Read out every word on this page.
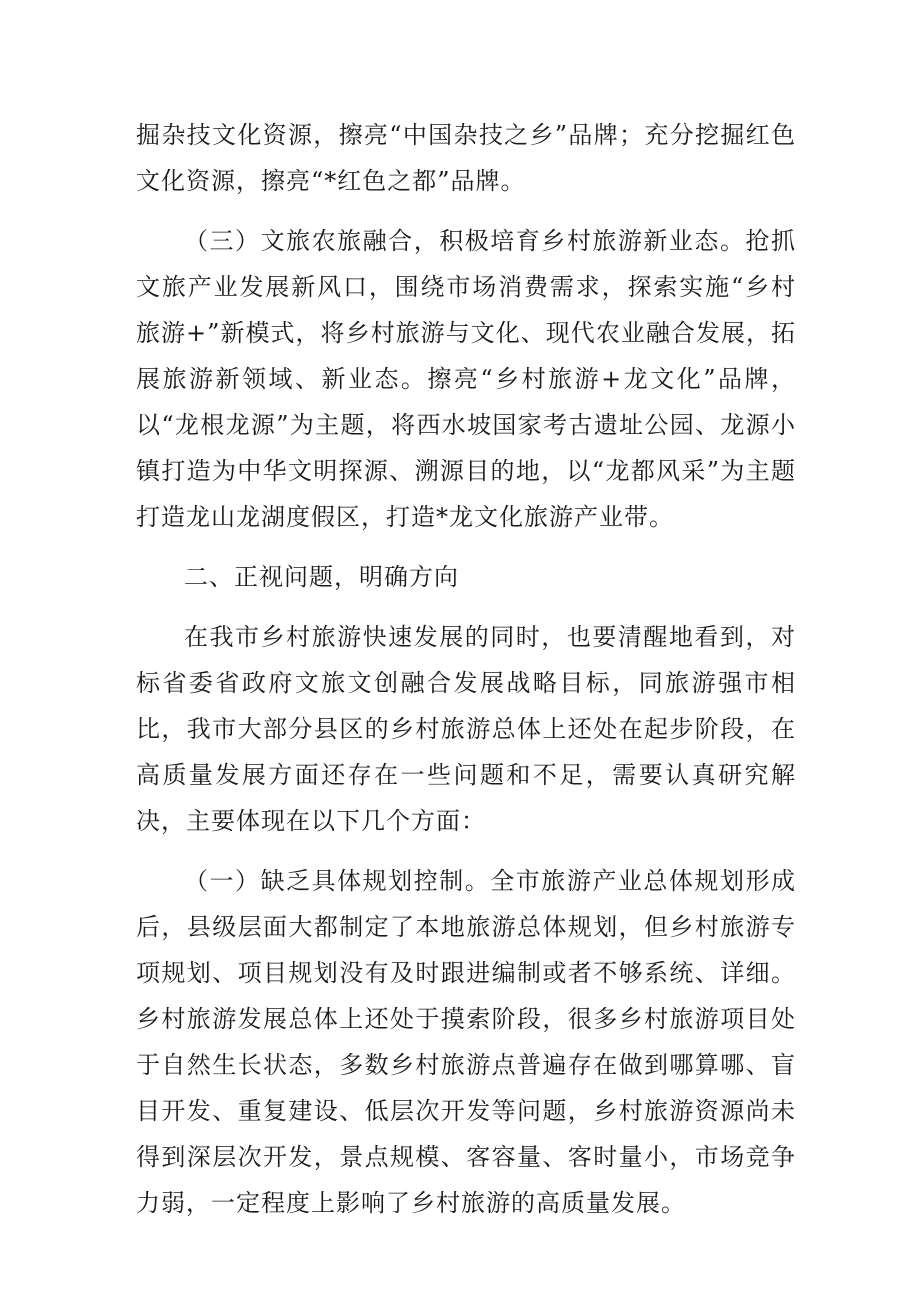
掘杂技文化资源，擦亮“中国杂技之乡”品牌；充分挖掘红色文化资源，擦亮“*红色之都”品牌。

（三）文旅农旅融合，积极培育乡村旅游新业态。抢抓文旅产业发展新风口，围绕市场消费需求，探索实施“乡村旅游+”新模式，将乡村旅游与文化、现代农业融合发展，拓展旅游新领域、新业态。擦亮“乡村旅游+龙文化”品牌，以“龙根龙源”为主题，将西水坡国家考古遗址公园、龙源小镇打造为中华文明探源、溯源目的地，以“龙都风采”为主题打造龙山龙湖度假区，打造*龙文化旅游产业带。

二、正视问题，明确方向

在我市乡村旅游快速发展的同时，也要清醒地看到，对标省委省政府文旅文创融合发展战略目标，同旅游强市相比，我市大部分县区的乡村旅游总体上还处在起步阶段，在高质量发展方面还存在一些问题和不足，需要认真研究解决，主要体现在以下几个方面：

（一）缺乏具体规划控制。全市旅游产业总体规划形成后，县级层面大都制定了本地旅游总体规划，但乡村旅游专项规划、项目规划没有及时跟进编制或者不够系统、详细。乡村旅游发展总体上还处于摸索阶段，很多乡村旅游项目处于自然生长状态，多数乡村旅游点普遍存在做到哪算哪、盲目开发、重复建设、低层次开发等问题，乡村旅游资源尚未得到深层次开发，景点规模、客容量、客时量小，市场竞争力弱，一定程度上影响了乡村旅游的高质量发展。
